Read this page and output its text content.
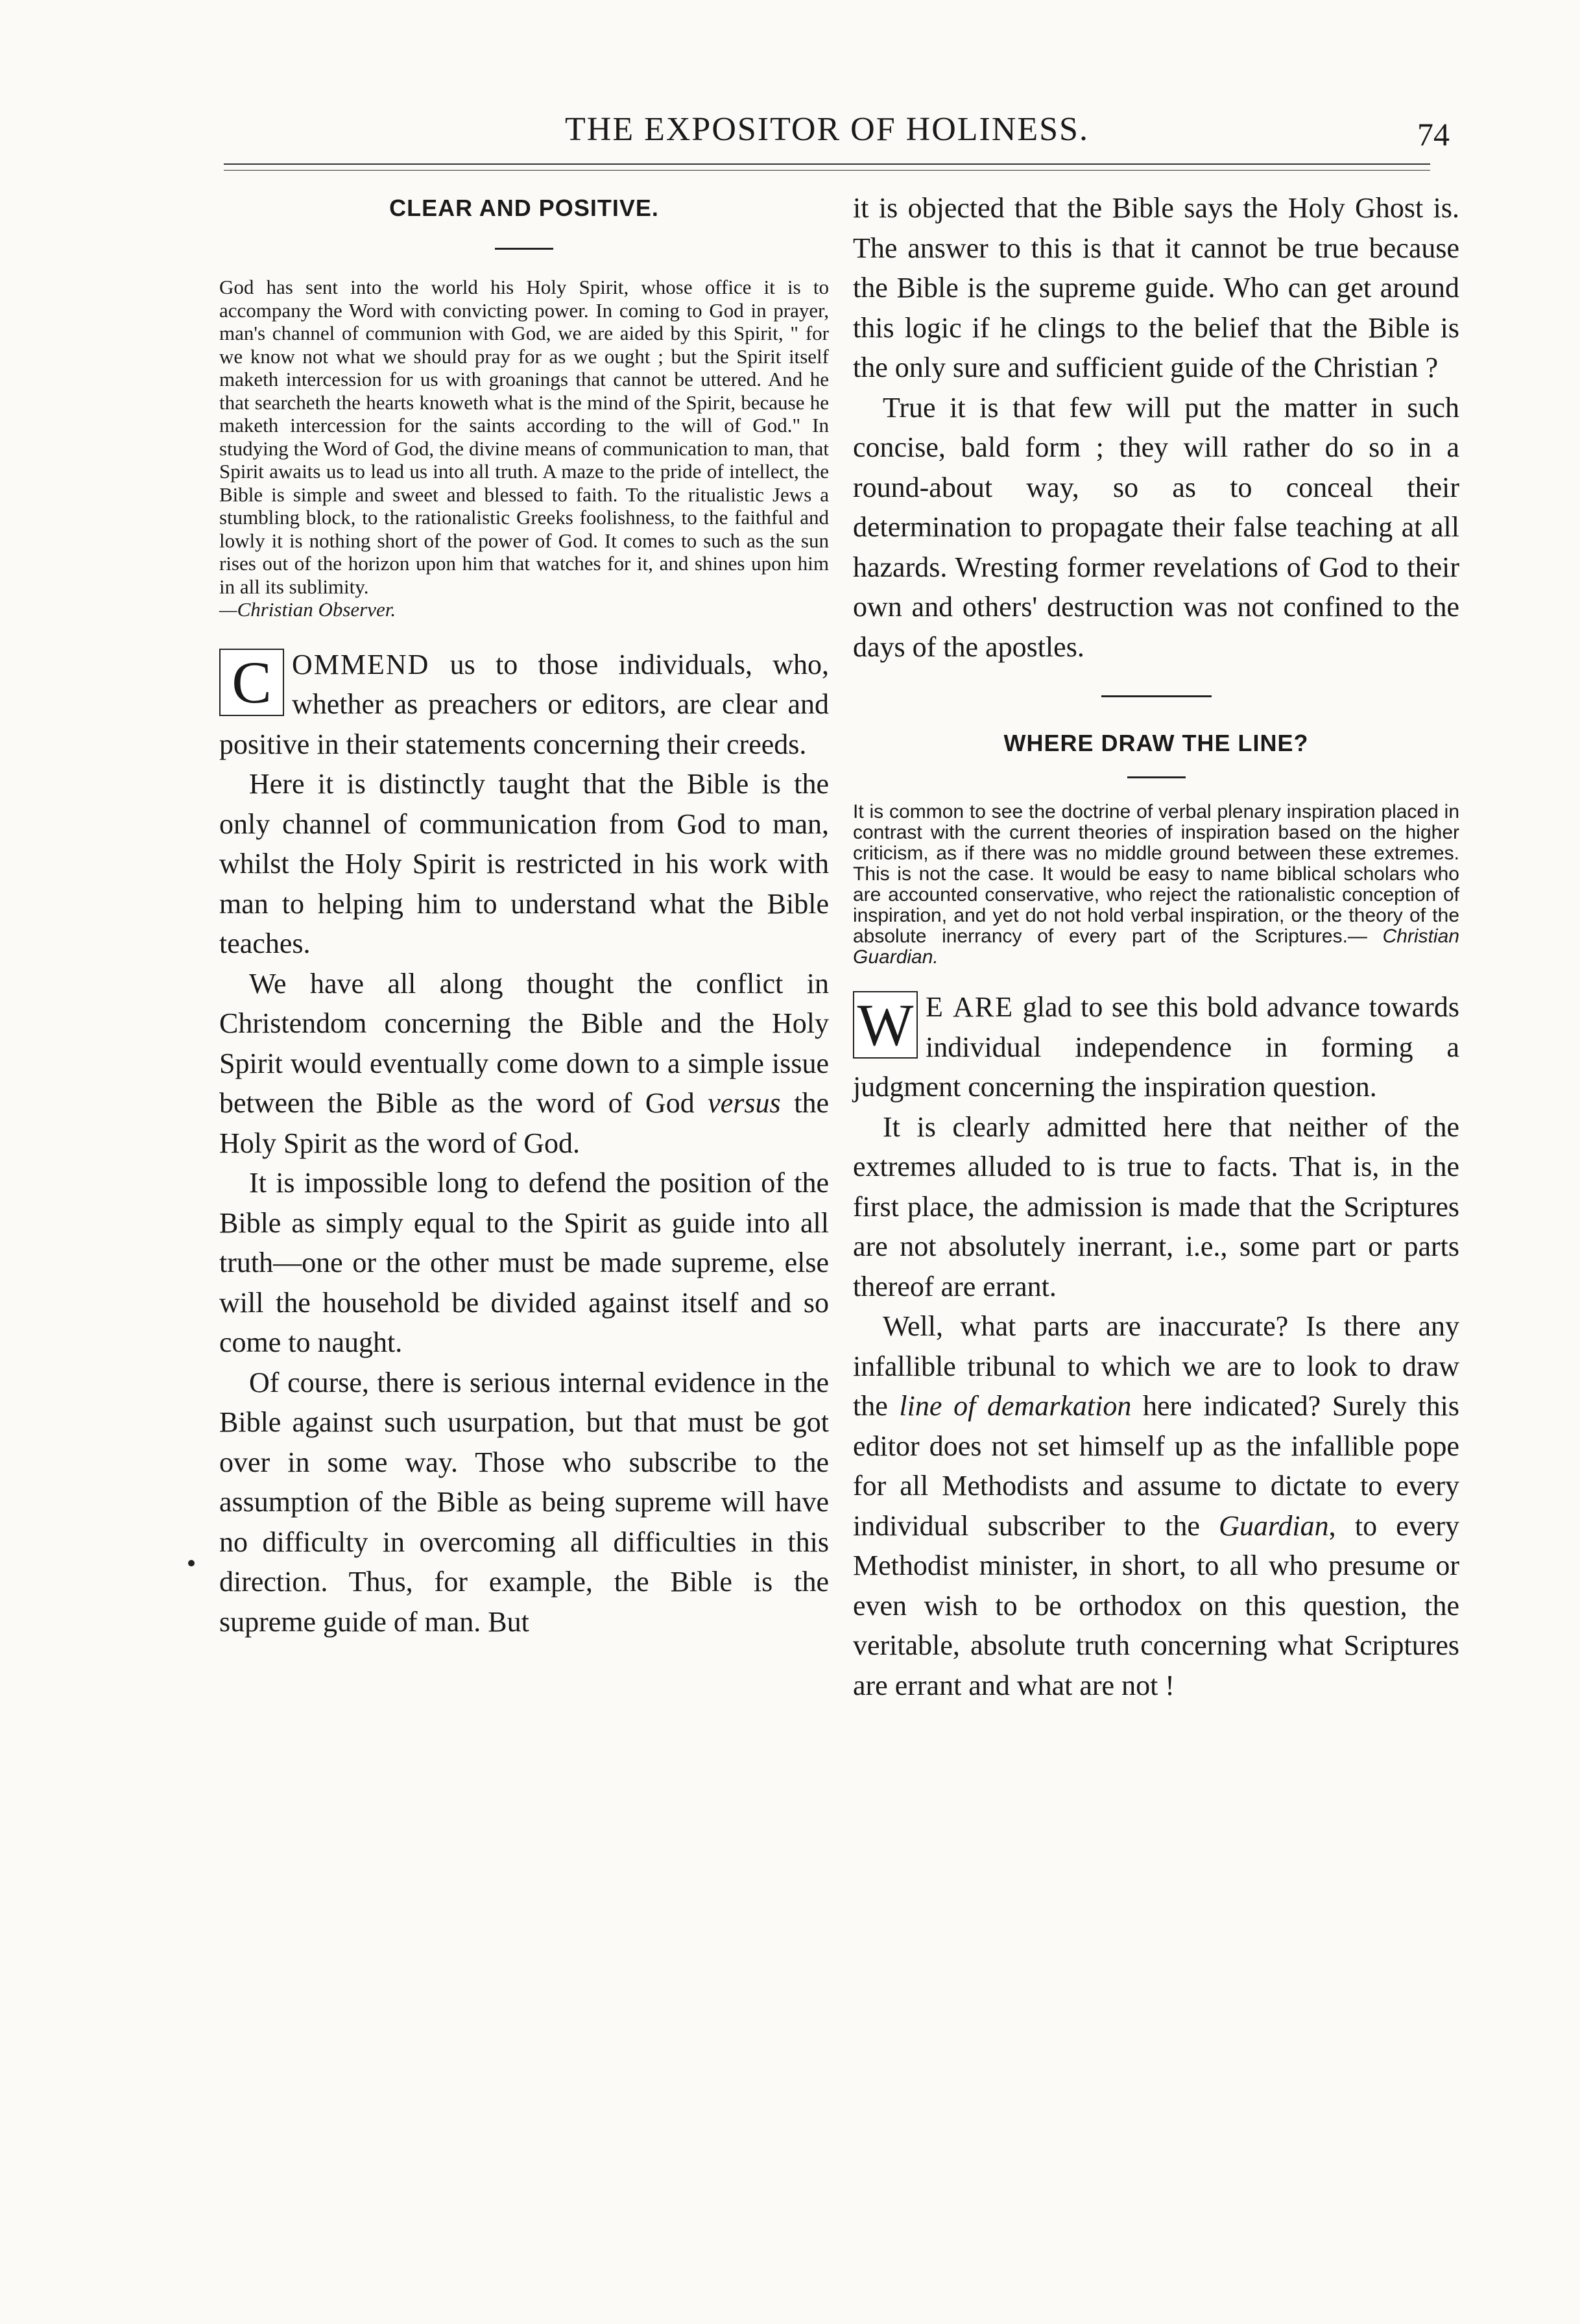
THE EXPOSITOR OF HOLINESS.	74
CLEAR AND POSITIVE.

God has sent into the world his Holy Spirit, whose office it is to accompany the Word with convicting power. In coming to God in prayer, man's channel of communion with God, we are aided by this Spirit, " for we know not what we should pray for as we ought ; but the Spirit itself maketh intercession for us with groanings that cannot be uttered. And he that searcheth the hearts knoweth what is the mind of the Spirit, because he maketh intercession for the saints according to the will of God." In studying the Word of God, the divine means of communication to man, that Spirit awaits us to lead us into all truth. A maze to the pride of intellect, the Bible is simple and sweet and blessed to faith. To the ritualistic Jews a stumbling block, to the rationalistic Greeks foolishness, to the faithful and lowly it is nothing short of the power of God. It comes to such as the sun rises out of the horizon upon him that watches for it, and shines upon him in all its sublimity.
—Christian Observer.

C OMMEND us to those individuals, who, whether as preachers or editors, are clear and positive in their statements concerning their creeds.

Here it is distinctly taught that the Bible is the only channel of communication from God to man, whilst the Holy Spirit is restricted in his work with man to helping him to understand what the Bible teaches.

We have all along thought the conflict in Christendom concerning the Bible and the Holy Spirit would eventually come down to a simple issue between the Bible as the word of God versus the Holy Spirit as the word of God.

It is impossible long to defend the position of the Bible as simply equal to the Spirit as guide into all truth—one or the other must be made supreme, else will the household be divided against itself and so come to naught.

Of course, there is serious internal evidence in the Bible against such usurpation, but that must be got over in some way. Those who subscribe to the assumption of the Bible as being supreme will have no difficulty in overcoming all difficulties in this direction. Thus, for example, the Bible is the supreme guide of man. But

it is objected that the Bible says the Holy Ghost is. The answer to this is that it cannot be true because the Bible is the supreme guide. Who can get around this logic if he clings to the belief that the Bible is the only sure and sufficient guide of the Christian ?

True it is that few will put the matter in such concise, bald form ; they will rather do so in a round-about way, so as to conceal their determination to propagate their false teaching at all hazards. Wresting former revelations of God to their own and others' destruction was not confined to the days of the apostles.

WHERE DRAW THE LINE?

It is common to see the doctrine of verbal plenary inspiration placed in contrast with the current theories of inspiration based on the higher criticism, as if there was no middle ground between these extremes. This is not the case. It would be easy to name biblical scholars who are accounted conservative, who reject the rationalistic conception of inspiration, and yet do not hold verbal inspiration, or the theory of the absolute inerrancy of every part of the Scriptures.— Christian Guardian.

W E ARE glad to see this bold advance towards individual independence in forming a judgment concerning the inspiration question.

It is clearly admitted here that neither of the extremes alluded to is true to facts. That is, in the first place, the admission is made that the Scriptures are not absolutely inerrant, i.e., some part or parts thereof are errant.

Well, what parts are inaccurate? Is there any infallible tribunal to which we are to look to draw the line of demarkation here indicated? Surely this editor does not set himself up as the infallible pope for all Methodists and assume to dictate to every individual subscriber to the Guardian, to every Methodist minister, in short, to all who presume or even wish to be orthodox on this question, the veritable, absolute truth concerning what Scriptures are errant and what are not !
